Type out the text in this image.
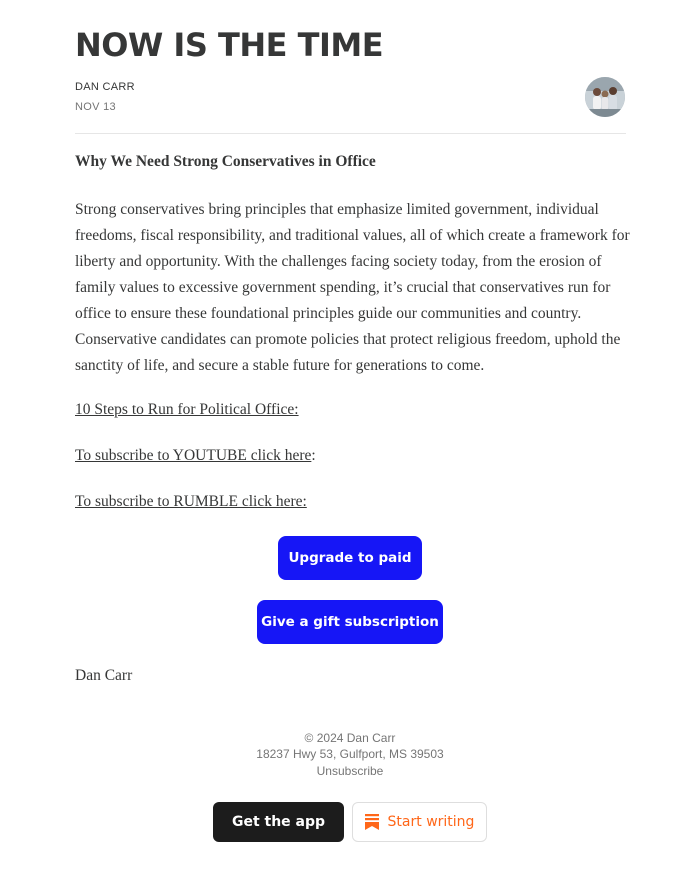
NOW IS THE TIME
DAN CARR
NOV 13
Why We Need Strong Conservatives in Office

Strong conservatives bring principles that emphasize limited government, individual freedoms, fiscal responsibility, and traditional values, all of which create a framework for liberty and opportunity. With the challenges facing society today, from the erosion of family values to excessive government spending, it’s crucial that conservatives run for office to ensure these foundational principles guide our communities and country. Conservative candidates can promote policies that protect religious freedom, uphold the sanctity of life, and secure a stable future for generations to come.

10 Steps to Run for Political Office:
To subscribe to YOUTUBE click here:
To subscribe to RUMBLE click here:
Upgrade to paid
Give a gift subscription
Dan Carr
© 2024 Dan Carr
18237 Hwy 53, Gulfport, MS 39503
Unsubscribe
Get the app	Start writing
